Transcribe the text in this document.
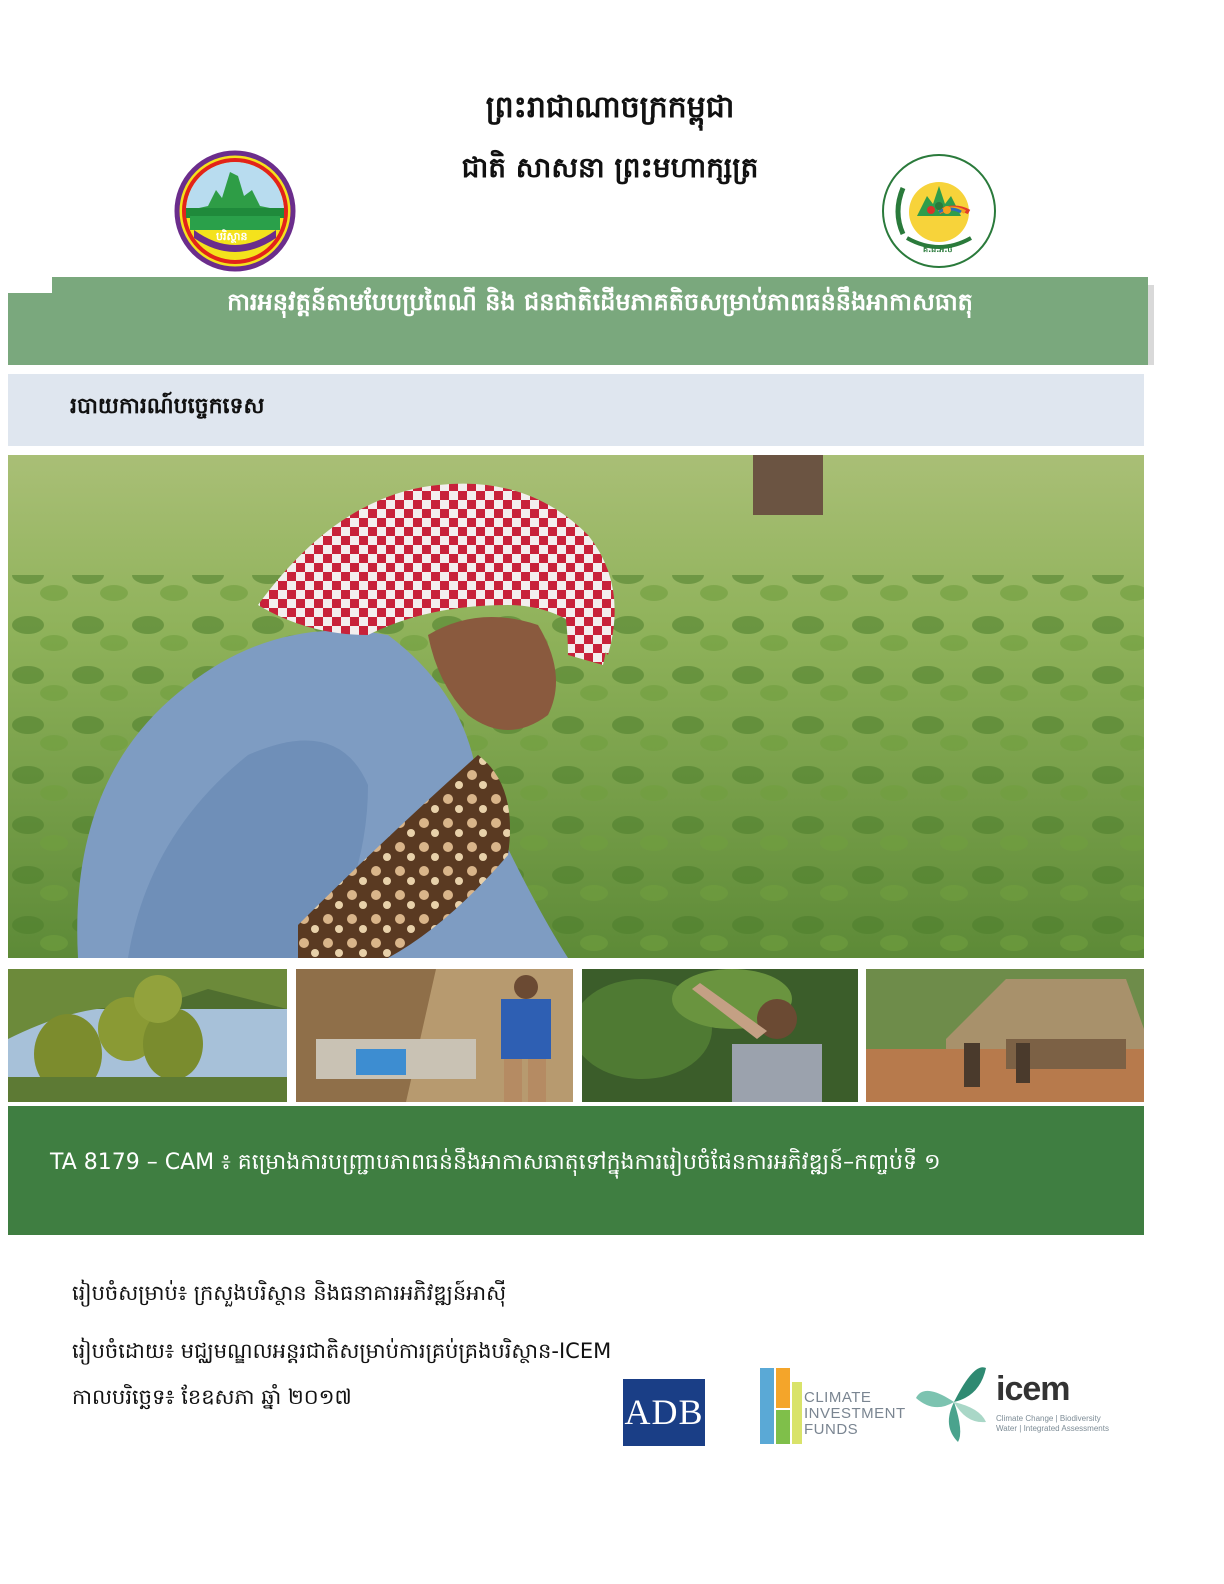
ព្រះរាជាណាចក្រកម្ពុជា
ជាតិ សាសនា ព្រះមហាក្សត្រ
បរិស្ថាន
គ.ជ.អ.ច
ការអនុវត្តន៍តាមបែបប្រពៃណី និង ជនជាតិដើមភាគតិចសម្រាប់ភាពធន់នឹងអាកាសធាតុ
របាយការណ៍បច្ចេកទេស
TA 8179 – CAM ៖ គម្រោងការបញ្ជ្រាបភាពធន់នឹងអាកាសធាតុទៅក្នុងការរៀបចំផែនការអភិវឌ្ឍន៍–កញ្ចប់ទី ១
រៀបចំសម្រាប់៖ ក្រសួងបរិស្ថាន និងធនាគារអភិវឌ្ឍន៍អាស៊ី
រៀបចំដោយ៖ មជ្ឈមណ្ឌលអន្តរជាតិសម្រាប់ការគ្រប់គ្រងបរិស្ថាន-ICEM
កាលបរិច្ឆេទ៖ ខែឧសភា ឆ្នាំ ២០១៧	ADB	CLIMATE
INVESTMENT
FUNDS
icem
Climate Change | Biodiversity
Water | Integrated Assessments
